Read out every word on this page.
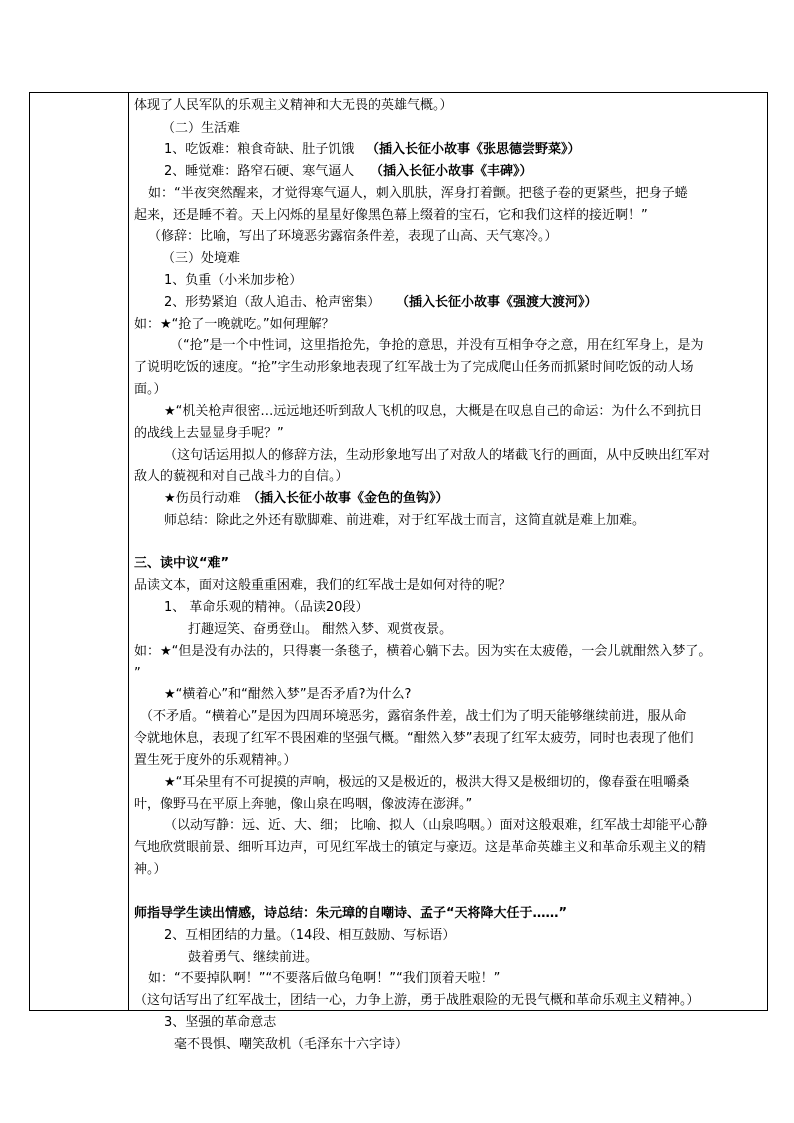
体现了人民军队的乐观主义精神和大无畏的英雄气概。）
（二）生活难
1、吃饭难：粮食奇缺、肚子饥饿 （插入长征小故事《张思德尝野菜》）
2、睡觉难：路窄石硬、寒气逼人 （插入长征小故事《丰碑》）
如：“半夜突然醒来，才觉得寒气逼人，刺入肌肤，浑身打着颤。把毯子卷的更紧些，把身子蜷
起来，还是睡不着。天上闪烁的星星好像黑色幕上缀着的宝石，它和我们这样的接近啊！”
（修辞：比喻，写出了环境恶劣露宿条件差，表现了山高、天气寒冷。）
（三）处境难
1、负重（小米加步枪）
2、形势紧迫（敌人追击、枪声密集） （插入长征小故事《强渡大渡河》）
如：★“抢了一晚就吃。”如何理解？
（“抢”是一个中性词，这里指抢先，争抢的意思，并没有互相争夺之意，用在红军身上，是为
了说明吃饭的速度。“抢”字生动形象地表现了红军战士为了完成爬山任务而抓紧时间吃饭的动人场
面。）
★“机关枪声很密…远远地还听到敌人飞机的叹息，大概是在叹息自己的命运：为什么不到抗日
的战线上去显显身手呢？”
（这句话运用拟人的修辞方法，生动形象地写出了对敌人的堵截飞行的画面，从中反映出红军对
敌人的藐视和对自己战斗力的自信。）
★伤员行动难 （插入长征小故事《金色的鱼钩》）
师总结：除此之外还有歇脚难、前进难，对于红军战士而言，这简直就是难上加难。
三、读中议“难”
品读文本，面对这般重重困难，我们的红军战士是如何对待的呢？
1、 革命乐观的精神。（品读20段）
打趣逗笑、奋勇登山。 酣然入梦、观赏夜景。
如：★“但是没有办法的，只得裹一条毯子，横着心躺下去。因为实在太疲倦，一会儿就酣然入梦了。
”
★“横着心”和“酣然入梦”是否矛盾?为什么?
（不矛盾。“横着心”是因为四周环境恶劣，露宿条件差，战士们为了明天能够继续前进，服从命
令就地休息，表现了红军不畏困难的坚强气概。“酣然入梦”表现了红军太疲劳，同时也表现了他们
置生死于度外的乐观精神。）
★“耳朵里有不可捉摸的声响，极远的又是极近的，极洪大得又是极细切的，像春蚕在咀嚼桑
叶，像野马在平原上奔驰，像山泉在呜咽，像波涛在澎湃。”
（以动写静：远、近、大、细； 比喻、拟人（山泉呜咽。）面对这般艰难，红军战士却能平心静
气地欣赏眼前景、细听耳边声，可见红军战士的镇定与豪迈。这是革命英雄主义和革命乐观主义的精
神。）
师指导学生读出情感，诗总结：朱元璋的自嘲诗、孟子“天将降大任于……”
2、互相团结的力量。（14段、相互鼓励、写标语）
鼓着勇气、继续前进。
如：“不要掉队啊！”“不要落后做乌龟啊！”“我们顶着天啦！”
（这句话写出了红军战士，团结一心，力争上游，勇于战胜艰险的无畏气概和革命乐观主义精神。）
3、坚强的革命意志
毫不畏惧、嘲笑敌机（毛泽东十六字诗）
